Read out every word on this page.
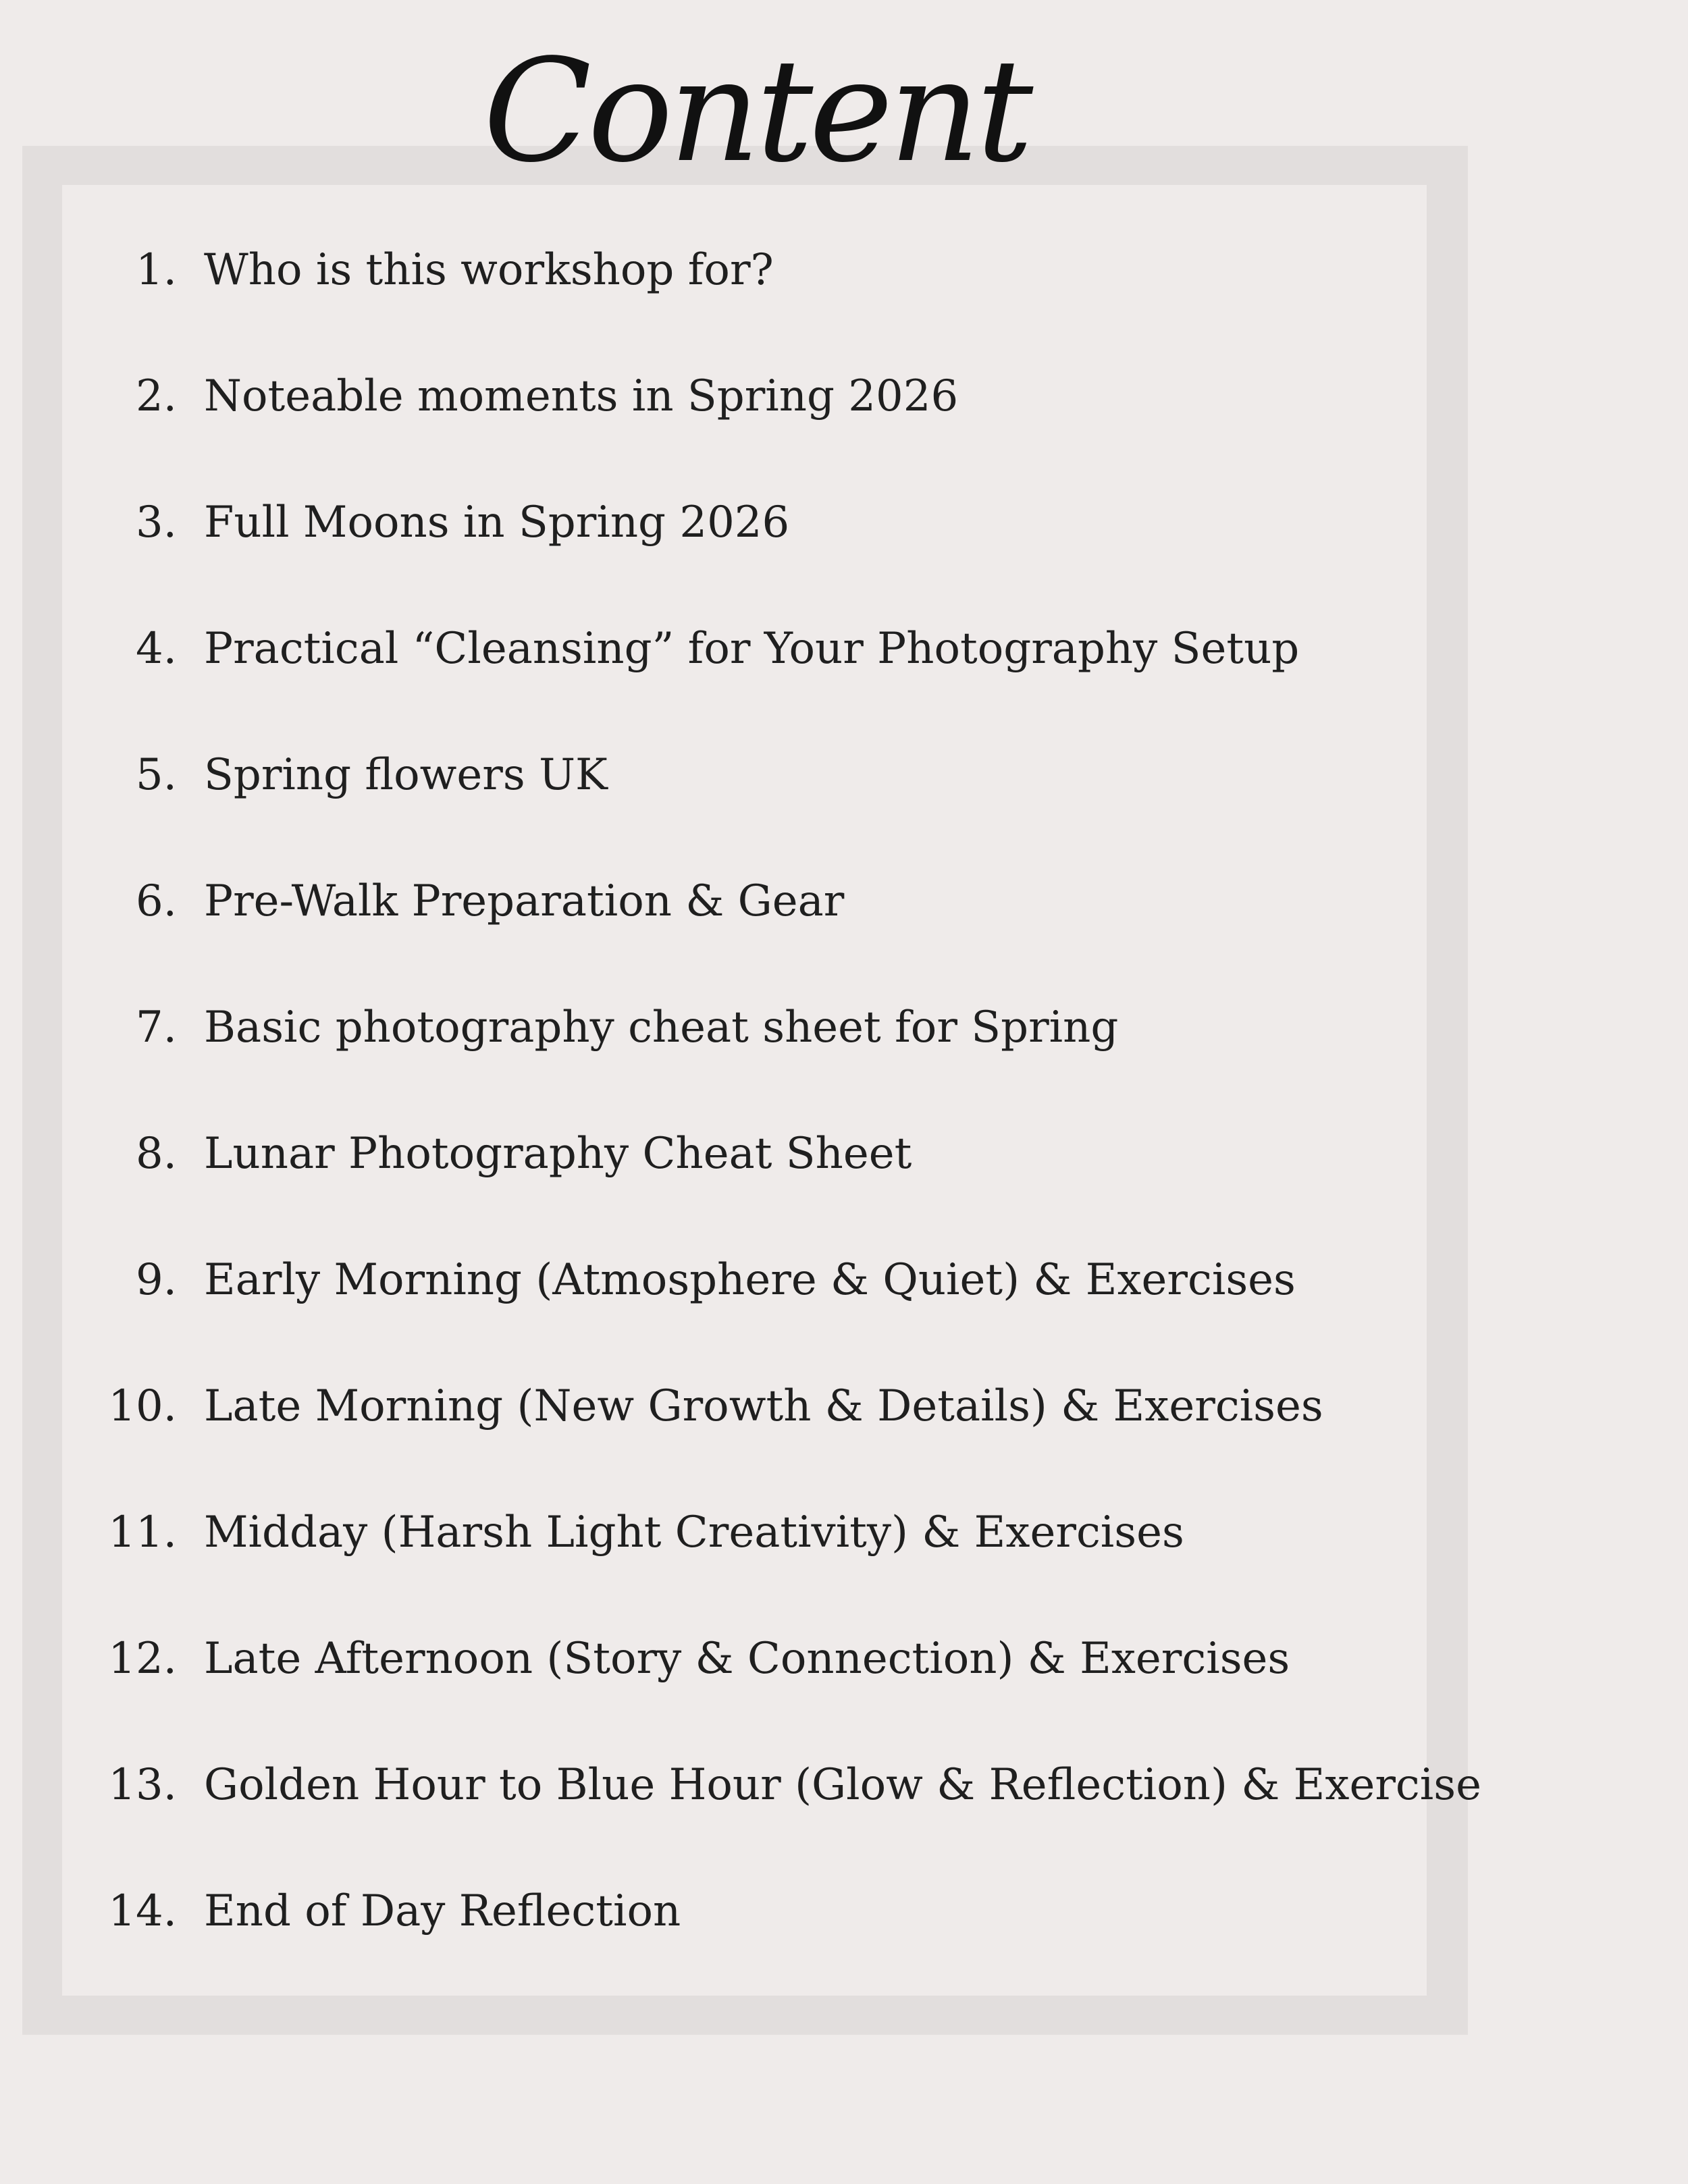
Content
1. Who is this workshop for?
2. Noteable moments in Spring 2026
3. Full Moons in Spring 2026
4. Practical “Cleansing” for Your Photography Setup
5. Spring flowers UK
6. Pre-Walk Preparation & Gear
7. Basic photography cheat sheet for Spring
8. Lunar Photography Cheat Sheet
9. Early Morning (Atmosphere & Quiet) & Exercises
10. Late Morning (New Growth & Details) & Exercises
11. Midday (Harsh Light Creativity) & Exercises
12. Late Afternoon (Story & Connection) & Exercises
13. Golden Hour to Blue Hour (Glow & Reflection) & Exercise
14. End of Day Reflection
